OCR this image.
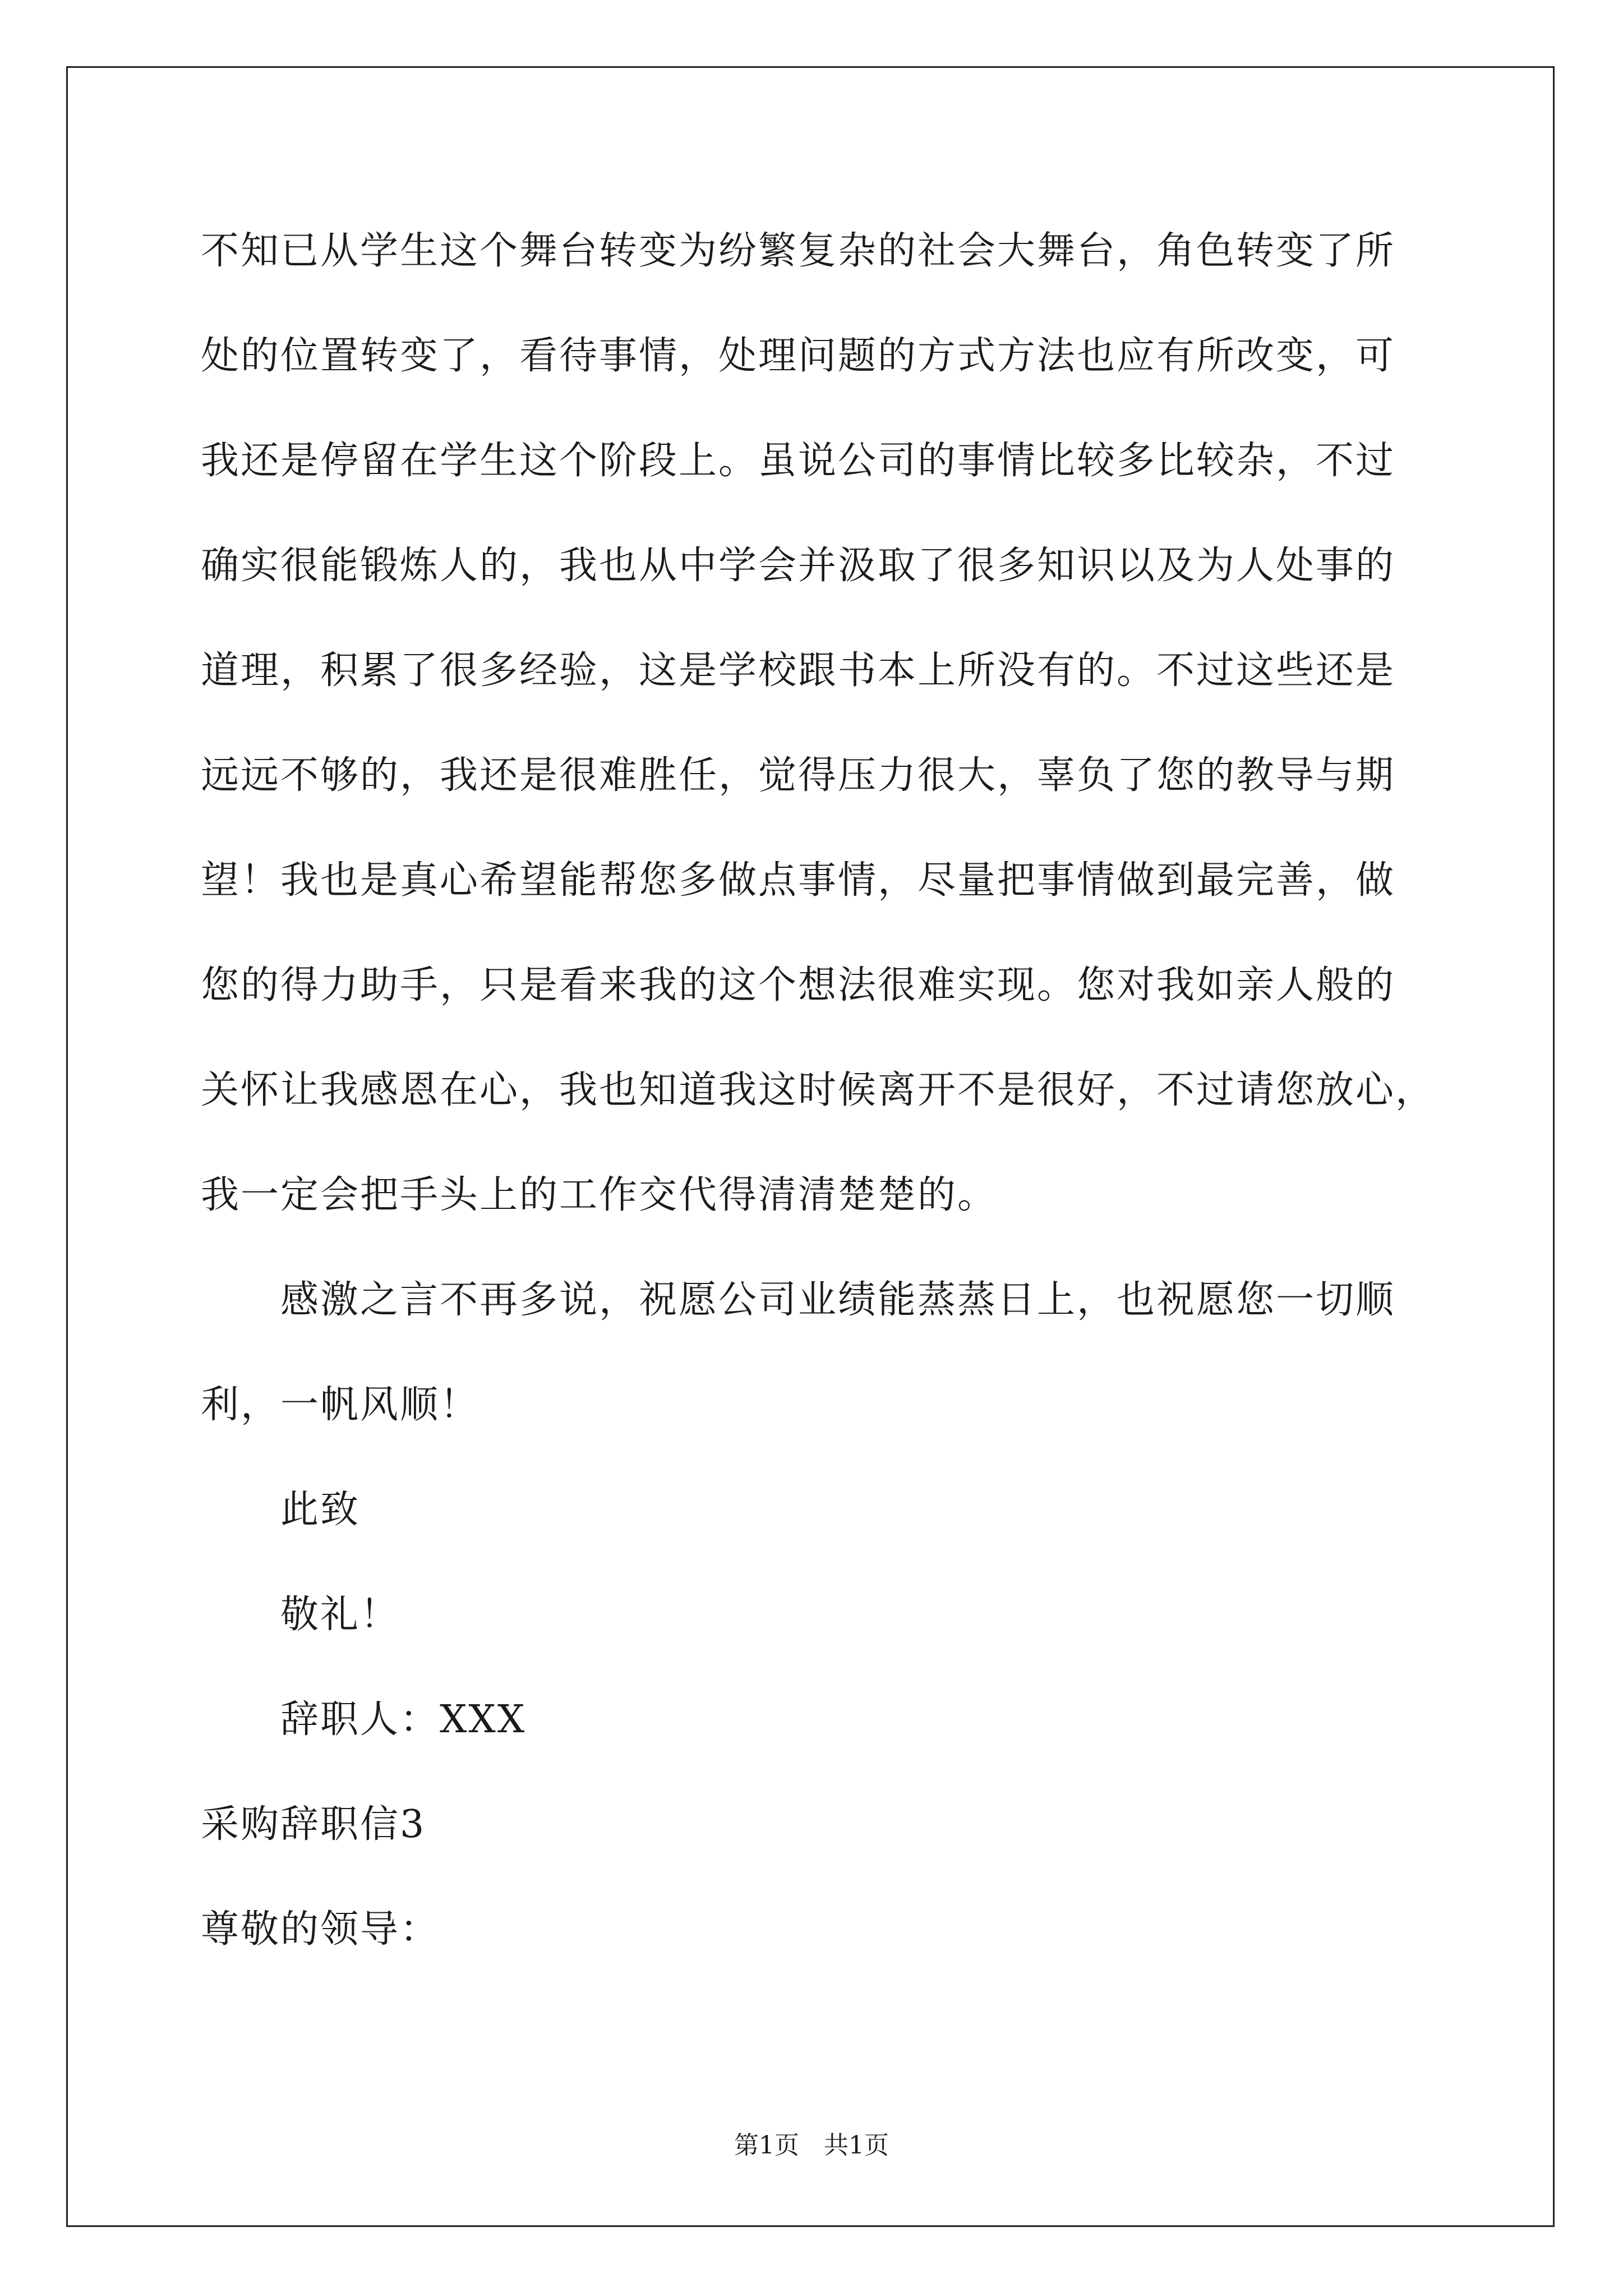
不知已从学生这个舞台转变为纷繁复杂的社会大舞台，角色转变了所
处的位置转变了，看待事情，处理问题的方式方法也应有所改变，可
我还是停留在学生这个阶段上。虽说公司的事情比较多比较杂，不过
确实很能锻炼人的，我也从中学会并汲取了很多知识以及为人处事的
道理，积累了很多经验，这是学校跟书本上所没有的。不过这些还是
远远不够的，我还是很难胜任，觉得压力很大，辜负了您的教导与期
望！我也是真心希望能帮您多做点事情，尽量把事情做到最完善，做
您的得力助手，只是看来我的这个想法很难实现。您对我如亲人般的
关怀让我感恩在心，我也知道我这时候离开不是很好，不过请您放心，
我一定会把手头上的工作交代得清清楚楚的。
感激之言不再多说，祝愿公司业绩能蒸蒸日上，也祝愿您一切顺
利，一帆风顺！
此致
敬礼！
辞职人：XXX
采购辞职信3
尊敬的领导：
第1页 共1页
